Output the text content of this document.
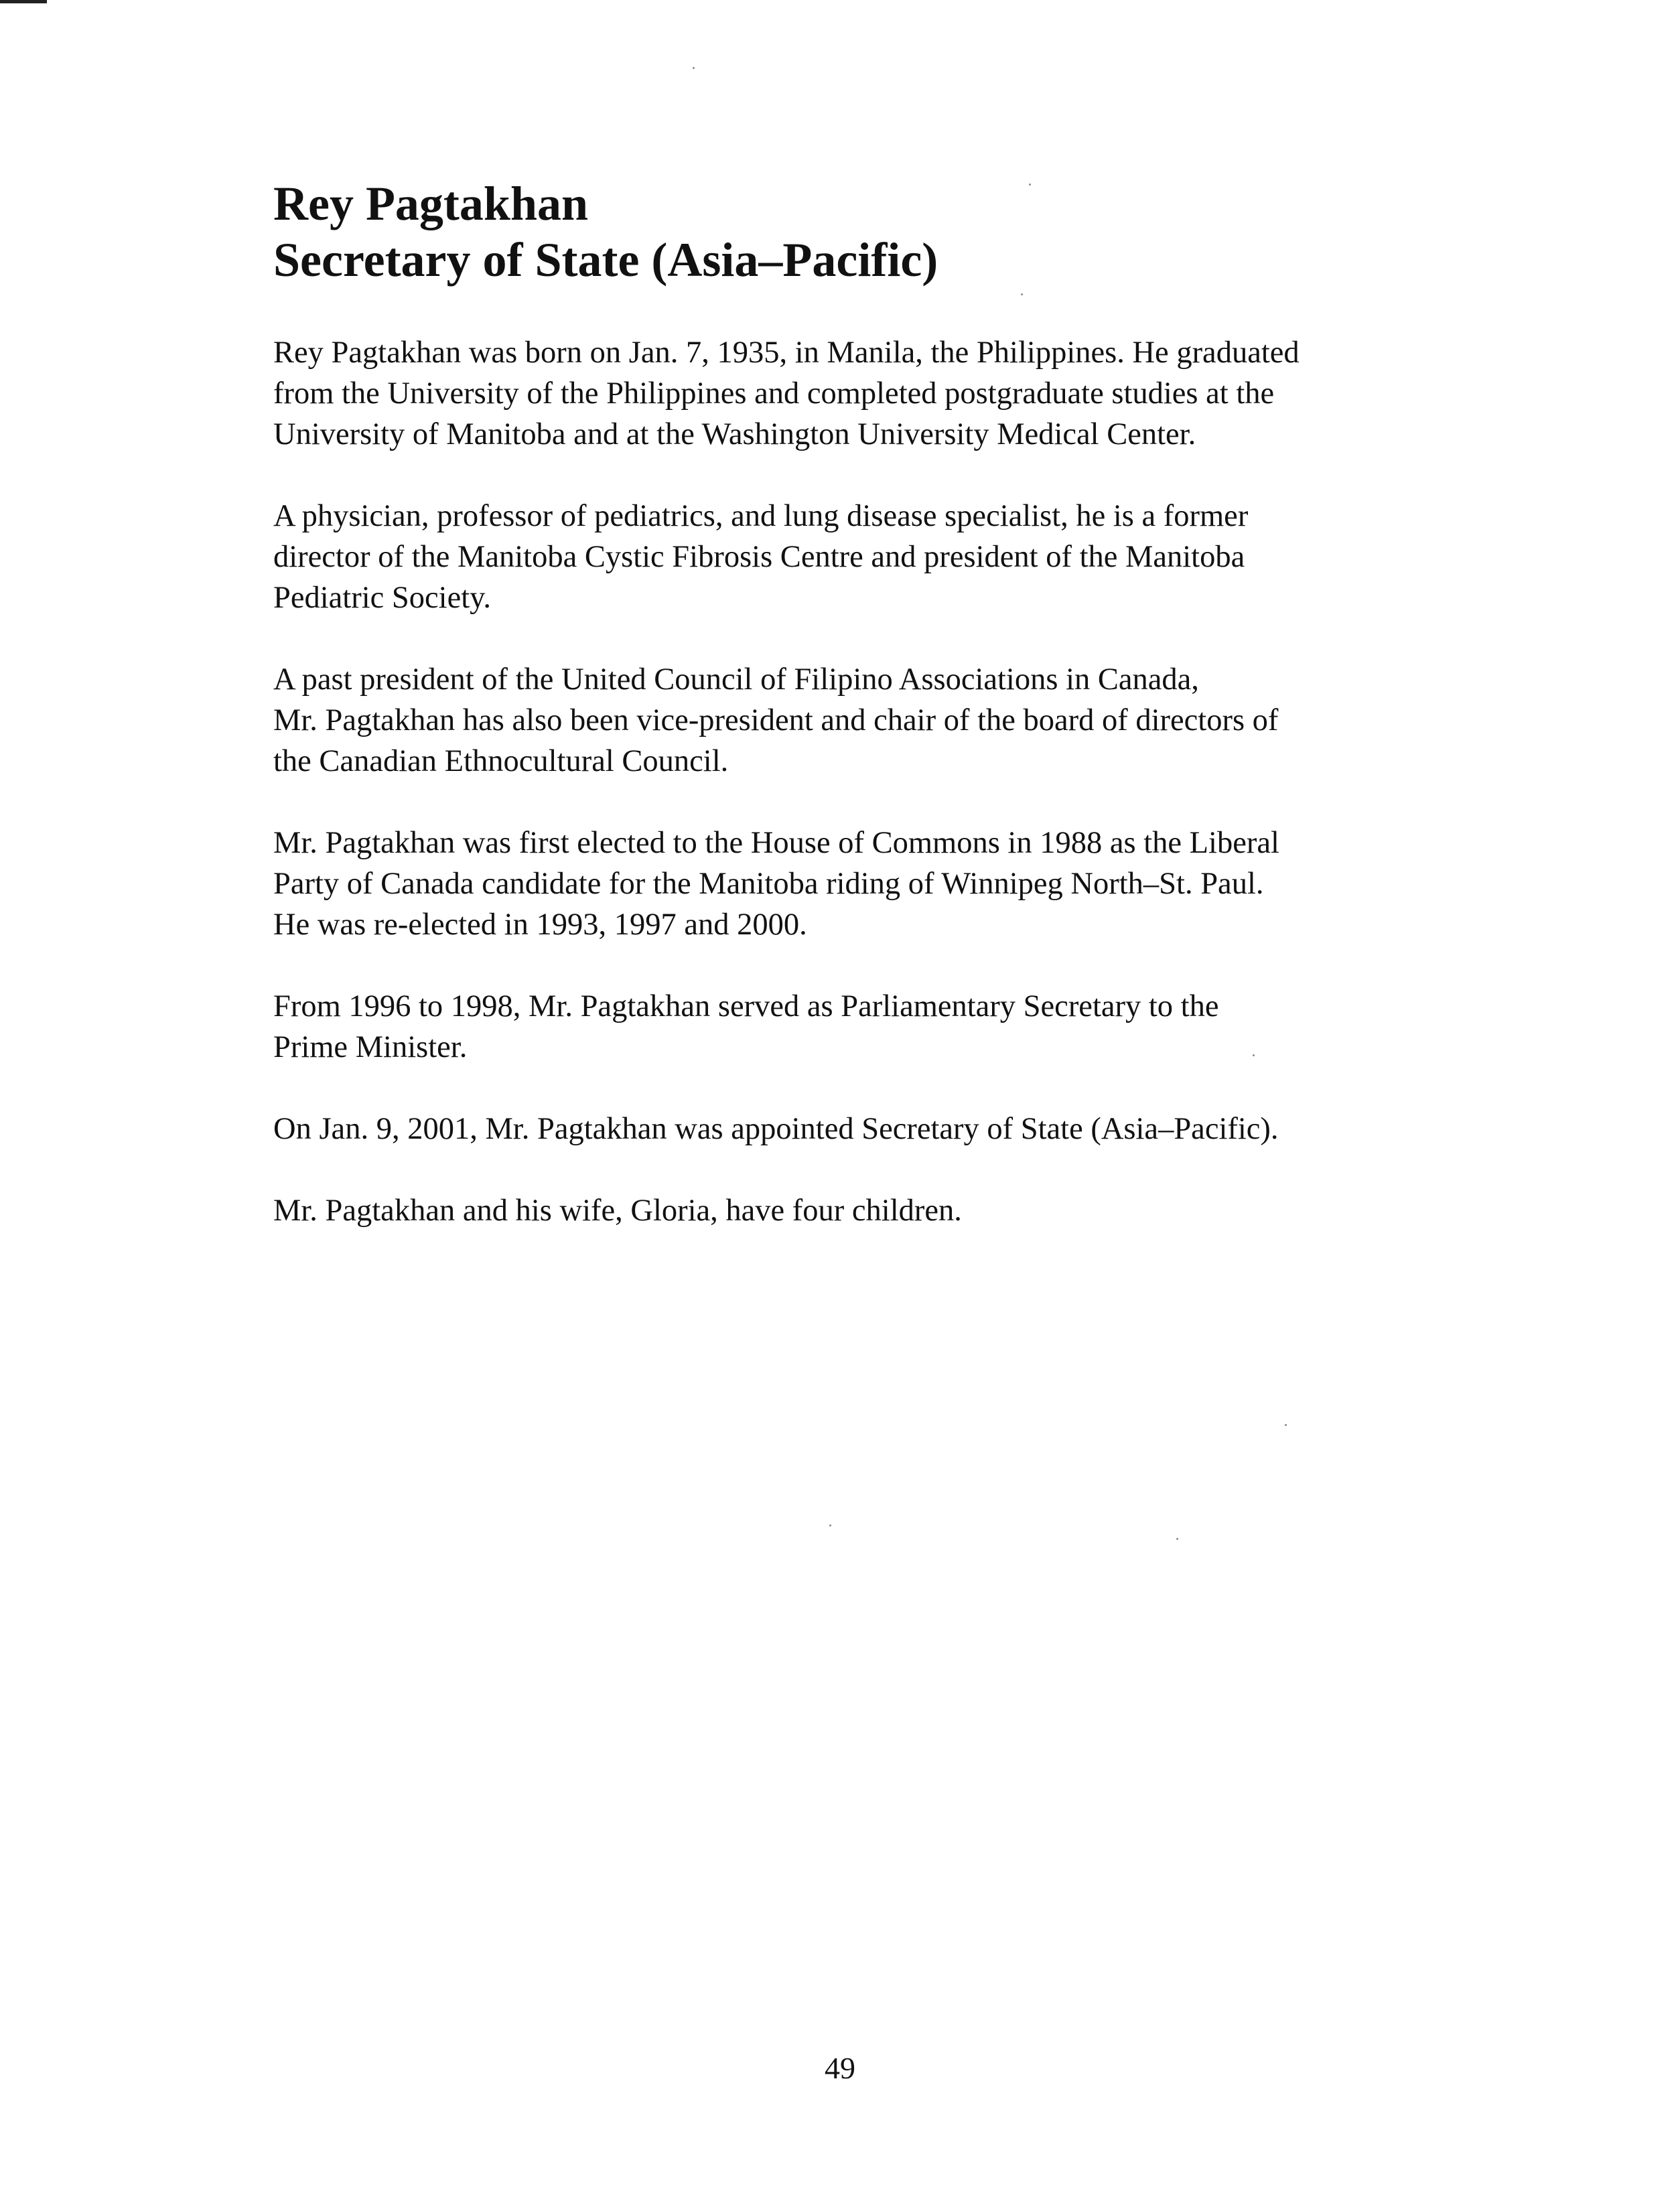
Rey Pagtakhan
Secretary of State (Asia–Pacific)

Rey Pagtakhan was born on Jan. 7, 1935, in Manila, the Philippines. He graduated
from the University of the Philippines and completed postgraduate studies at the
University of Manitoba and at the Washington University Medical Center.

A physician, professor of pediatrics, and lung disease specialist, he is a former
director of the Manitoba Cystic Fibrosis Centre and president of the Manitoba
Pediatric Society.

A past president of the United Council of Filipino Associations in Canada,
Mr. Pagtakhan has also been vice-president and chair of the board of directors of
the Canadian Ethnocultural Council.

Mr. Pagtakhan was first elected to the House of Commons in 1988 as the Liberal
Party of Canada candidate for the Manitoba riding of Winnipeg North–St. Paul.
He was re-elected in 1993, 1997 and 2000.

From 1996 to 1998, Mr. Pagtakhan served as Parliamentary Secretary to the
Prime Minister.

On Jan. 9, 2001, Mr. Pagtakhan was appointed Secretary of State (Asia–Pacific).

Mr. Pagtakhan and his wife, Gloria, have four children.

49
